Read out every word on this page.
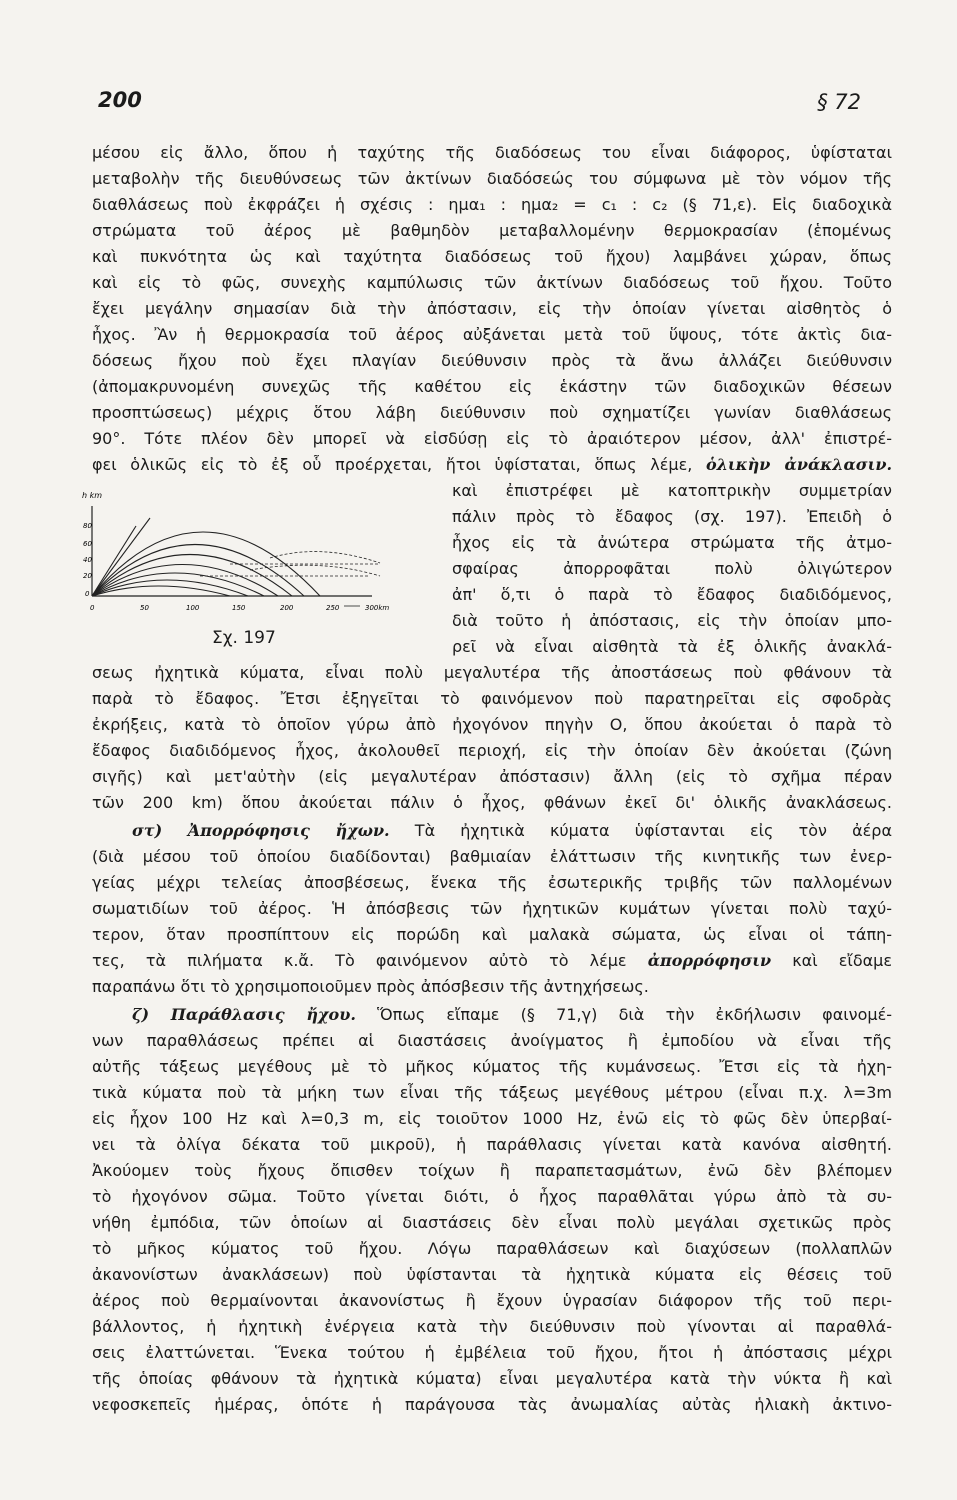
200	§ 72
μέσου εἰς ἄλλο, ὅπου ἡ ταχύτης τῆς διαδόσεως του εἶναι διάφορος, ὑφίσταται
μεταβολὴν τῆς διευθύνσεως τῶν ἀκτίνων διαδόσεώς του σύμφωνα μὲ τὸν νόμον τῆς
διαθλάσεως ποὺ ἐκφράζει ἡ σχέσις : ημα₁ : ημα₂ = c₁ : c₂ (§ 71,ε). Εἰς διαδοχικὰ
στρώματα τοῦ ἀέρος μὲ βαθμηδὸν μεταβαλλομένην θερμοκρασίαν (ἑπομένως
καὶ πυκνότητα ὡς καὶ ταχύτητα διαδόσεως τοῦ ἤχου) λαμβάνει χώραν, ὅπως
καὶ εἰς τὸ φῶς, συνεχὴς καμπύλωσις τῶν ἀκτίνων διαδόσεως τοῦ ἤχου. Τοῦτο
ἔχει μεγάλην σημασίαν διὰ τὴν ἀπόστασιν, εἰς τὴν ὁποίαν γίνεται αἰσθητὸς ὁ
ἦχος. Ἂν ἡ θερμοκρασία τοῦ ἀέρος αὐξάνεται μετὰ τοῦ ὕψους, τότε ἀκτὶς δια-
δόσεως ἤχου ποὺ ἔχει πλαγίαν διεύθυνσιν πρὸς τὰ ἄνω ἀλλάζει διεύθυνσιν
(ἀπομακρυνομένη συνεχῶς τῆς καθέτου εἰς ἑκάστην τῶν διαδοχικῶν θέσεων
προσπτώσεως) μέχρις ὅτου λάβη διεύθυνσιν ποὺ σχηματίζει γωνίαν διαθλάσεως
90°. Τότε πλέον δὲν μπορεῖ νὰ εἰσδύσῃ εἰς τὸ ἀραιότερον μέσον, ἀλλ' ἐπιστρέ-
φει ὁλικῶς εἰς τὸ ἐξ οὗ προέρχεται, ἤτοι ὑφίσταται, ὅπως λέμε, ὁλικὴν ἀνάκλασιν.
h km
80
60
40
20
0
0	50	100	150	200	250	300km
Σχ. 197
καὶ ἐπιστρέφει μὲ κατοπτρικὴν συμμετρίαν
πάλιν πρὸς τὸ ἔδαφος (σχ. 197). Ἐπειδὴ ὁ
ἦχος εἰς τὰ ἀνώτερα στρώματα τῆς ἀτμο-
σφαίρας ἀπορροφᾶται πολὺ ὀλιγώτερον
ἀπ' ὅ,τι ὁ παρὰ τὸ ἔδαφος διαδιδόμενος,
διὰ τοῦτο ἡ ἀπόστασις, εἰς τὴν ὁποίαν μπο-
ρεῖ νὰ εἶναι αἰσθητὰ τὰ ἐξ ὁλικῆς ἀνακλά-
σεως ἠχητικὰ κύματα, εἶναι πολὺ μεγαλυτέρα τῆς ἀποστάσεως ποὺ φθάνουν τὰ
παρὰ τὸ ἔδαφος. Ἔτσι ἐξηγεῖται τὸ φαινόμενον ποὺ παρατηρεῖται εἰς σφοδρὰς
ἐκρήξεις, κατὰ τὸ ὁποῖον γύρω ἀπὸ ἠχογόνον πηγὴν Ο, ὅπου ἀκούεται ὁ παρὰ τὸ
ἔδαφος διαδιδόμενος ἦχος, ἀκολουθεῖ περιοχή, εἰς τὴν ὁποίαν δὲν ἀκούεται (ζώνη
σιγῆς) καὶ μετ'αὐτὴν (εἰς μεγαλυτέραν ἀπόστασιν) ἄλλη (εἰς τὸ σχῆμα πέραν
τῶν 200 km) ὅπου ἀκούεται πάλιν ὁ ἦχος, φθάνων ἐκεῖ δι' ὁλικῆς ἀνακλάσεως.
στ) Ἀπορρόφησις ἤχων. Τὰ ἠχητικὰ κύματα ὑφίστανται εἰς τὸν ἀέρα
(διὰ μέσου τοῦ ὁποίου διαδίδονται) βαθμιαίαν ἐλάττωσιν τῆς κινητικῆς των ἐνερ-
γείας μέχρι τελείας ἀποσβέσεως, ἕνεκα τῆς ἐσωτερικῆς τριβῆς τῶν παλλομένων
σωματιδίων τοῦ ἀέρος. Ἡ ἀπόσβεσις τῶν ἠχητικῶν κυμάτων γίνεται πολὺ ταχύ-
τερον, ὅταν προσπίπτουν εἰς πορώδη καὶ μαλακὰ σώματα, ὡς εἶναι οἱ τάπη-
τες, τὰ πιλήματα κ.ἄ. Τὸ φαινόμενον αὐτὸ τὸ λέμε ἀπορρόφησιν καὶ εἴδαμε
παραπάνω ὅτι τὸ χρησιμοποιοῦμεν πρὸς ἀπόσβεσιν τῆς ἀντηχήσεως.
ζ) Παράθλασις ἤχου. Ὅπως εἴπαμε (§ 71,γ) διὰ τὴν ἐκδήλωσιν φαινομέ-
νων παραθλάσεως πρέπει αἱ διαστάσεις ἀνοίγματος ἢ ἐμποδίου νὰ εἶναι τῆς
αὐτῆς τάξεως μεγέθους μὲ τὸ μῆκος κύματος τῆς κυμάνσεως. Ἔτσι εἰς τὰ ἠχη-
τικὰ κύματα ποὺ τὰ μήκη των εἶναι τῆς τάξεως μεγέθους μέτρου (εἶναι π.χ. λ=3m
εἰς ἦχον 100 Hz καὶ λ=0,3 m, εἰς τοιοῦτον 1000 Hz, ἐνῶ εἰς τὸ φῶς δὲν ὑπερβαί-
νει τὰ ὀλίγα δέκατα τοῦ μικροῦ), ἡ παράθλασις γίνεται κατὰ κανόνα αἰσθητή.
Ἀκούομεν τοὺς ἤχους ὄπισθεν τοίχων ἢ παραπετασμάτων, ἐνῶ δὲν βλέπομεν
τὸ ἠχογόνον σῶμα. Τοῦτο γίνεται διότι, ὁ ἦχος παραθλᾶται γύρω ἀπὸ τὰ συ-
νήθη ἐμπόδια, τῶν ὁποίων αἱ διαστάσεις δὲν εἶναι πολὺ μεγάλαι σχετικῶς πρὸς
τὸ μῆκος κύματος τοῦ ἤχου. Λόγω παραθλάσεων καὶ διαχύσεων (πολλαπλῶν
ἀκανονίστων ἀνακλάσεων) ποὺ ὑφίστανται τὰ ἠχητικὰ κύματα εἰς θέσεις τοῦ
ἀέρος ποὺ θερμαίνονται ἀκανονίστως ἢ ἔχουν ὑγρασίαν διάφορον τῆς τοῦ περι-
βάλλοντος, ἡ ἠχητικὴ ἐνέργεια κατὰ τὴν διεύθυνσιν ποὺ γίνονται αἱ παραθλά-
σεις ἐλαττώνεται. Ἕνεκα τούτου ἡ ἐμβέλεια τοῦ ἤχου, ἤτοι ἡ ἀπόστασις μέχρι
τῆς ὁποίας φθάνουν τὰ ἠχητικὰ κύματα) εἶναι μεγαλυτέρα κατὰ τὴν νύκτα ἢ καὶ
νεφοσκεπεῖς ἡμέρας, ὁπότε ἡ παράγουσα τὰς ἀνωμαλίας αὐτὰς ἡλιακὴ ἀκτινο-
